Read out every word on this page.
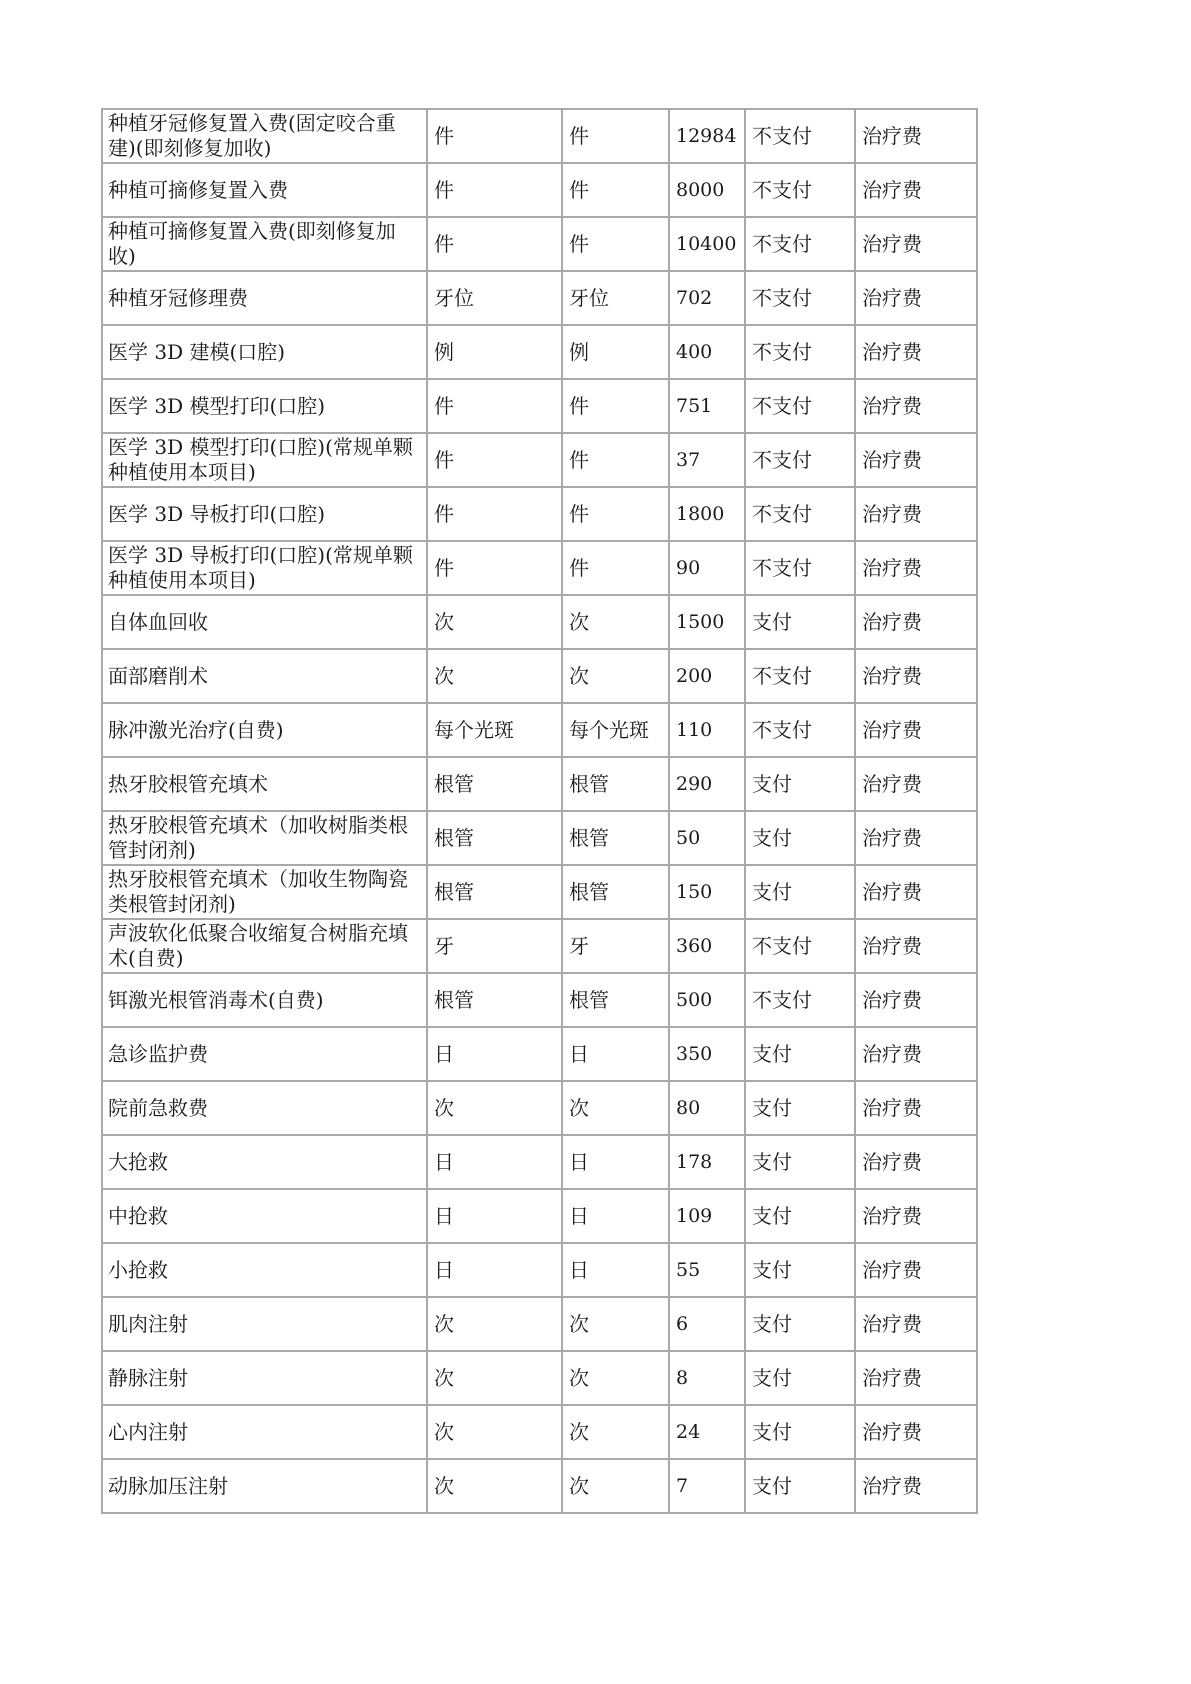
种植牙冠修复置入费(固定咬合重建)(即刻修复加收)	件	件	12984	不支付	治疗费
种植可摘修复置入费	件	件	8000	不支付	治疗费
种植可摘修复置入费(即刻修复加收)	件	件	10400	不支付	治疗费
种植牙冠修理费	牙位	牙位	702	不支付	治疗费
医学 3D 建模(口腔)	例	例	400	不支付	治疗费
医学 3D 模型打印(口腔)	件	件	751	不支付	治疗费
医学 3D 模型打印(口腔)(常规单颗种植使用本项目)	件	件	37	不支付	治疗费
医学 3D 导板打印(口腔)	件	件	1800	不支付	治疗费
医学 3D 导板打印(口腔)(常规单颗种植使用本项目)	件	件	90	不支付	治疗费
自体血回收	次	次	1500	支付	治疗费
面部磨削术	次	次	200	不支付	治疗费
脉冲激光治疗(自费)	每个光斑	每个光斑	110	不支付	治疗费
热牙胶根管充填术	根管	根管	290	支付	治疗费
热牙胶根管充填术（加收树脂类根管封闭剂)	根管	根管	50	支付	治疗费
热牙胶根管充填术（加收生物陶瓷类根管封闭剂)	根管	根管	150	支付	治疗费
声波软化低聚合收缩复合树脂充填术(自费)	牙	牙	360	不支付	治疗费
铒激光根管消毒术(自费)	根管	根管	500	不支付	治疗费
急诊监护费	日	日	350	支付	治疗费
院前急救费	次	次	80	支付	治疗费
大抢救	日	日	178	支付	治疗费
中抢救	日	日	109	支付	治疗费
小抢救	日	日	55	支付	治疗费
肌肉注射	次	次	6	支付	治疗费
静脉注射	次	次	8	支付	治疗费
心内注射	次	次	24	支付	治疗费
动脉加压注射	次	次	7	支付	治疗费
